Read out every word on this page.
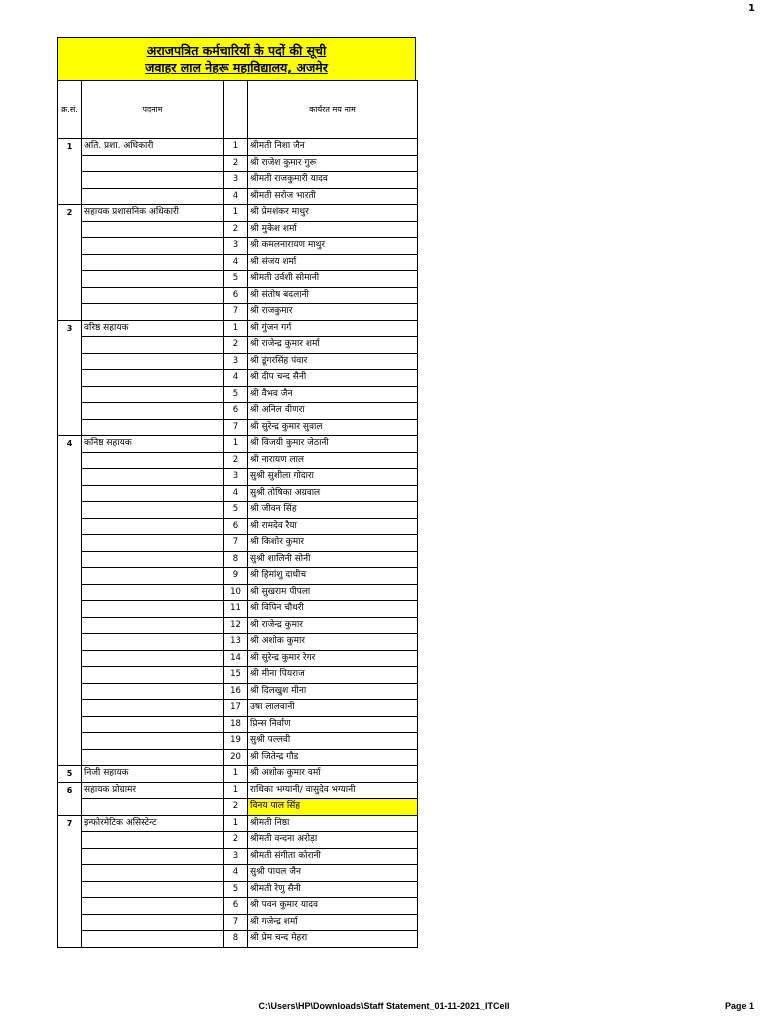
1
अराजपत्रित कर्मचारियों के पदों की सूची
जवाहर लाल नेहरू महाविद्यालय, अजमेर
क्र.सं.	पदनाम		कार्यरत मय नाम
1	अति. प्रशा. अधिकारी	1	श्रीमती निशा जैन
		2	श्री राजेश कुमार गुरू
		3	श्रीमती राजकुमारी यादव
		4	श्रीमती सरोज भारती
2	सहायक प्रशासनिक अधिकारी	1	श्री प्रेमशंकर माथुर
		2	श्री मुकेश शर्मा
		3	श्री कमलनारायण माथुर
		4	श्री संजय शर्मा
		5	श्रीमती उर्वशी सोमानी
		6	श्री संतोष बदलानी
		7	श्री राजकुमार
3	वरिष्ठ सहायक	1	श्री गुंजन गर्ग
		2	श्री राजेन्द्र कुमार शर्मा
		3	श्री डूंगरसिंह पंवार
		4	श्री दीप चन्द सैनी
		5	श्री वैभव जैन
		6	श्री अनिल वीणरा
		7	श्री सुरेन्द्र कुमार सुवाल
4	कनिष्ठ सहायक	1	श्री विजयी कुमार जेठानी
		2	श्री नारायण लाल
		3	सुश्री सुशीला गोदारा
		4	सुश्री तोषिका अग्रवाल
		5	श्री जीवन सिंह
		6	श्री रामदेव रैया
		7	श्री किशोर कुमार
		8	सुश्री शालिनी सोनी
		9	श्री हिमांशु दाधीच
		10	श्री सुखराम पीपला
		11	श्री विपिन चौधरी
		12	श्री राजेन्द्र कुमार
		13	श्री अशोक कुमार
		14	श्री सुरेन्द्र कुमार रेगर
		15	श्री मीना पियराज
		16	श्री दिलखुश मीना
		17	उषा लालवानी
		18	प्रिन्स निर्वाण
		19	सुश्री पल्लवी
		20	श्री जितेन्द्र गौड
5	निजी सहायक	1	श्री अशोक कुमार वर्मा
6	सहायक प्रोग्रामर	1	राधिका भग्यानी/ वासुदेव भग्यानी
		2	विनय पाल सिंह
7	इन्फोरमेटिक असिस्टेन्ट	1	श्रीमती निष्ठा
		2	श्रीमती वन्दना अरोड़ा
		3	श्रीमती संगीता कोरानी
		4	सुश्री पायल जैन
		5	श्रीमती रेणु सैनी
		6	श्री पवन कुमार यादव
		7	श्री गजेन्द्र शर्मा
		8	श्री प्रेम चन्द मेहरा
C:\Users\HP\Downloads\Staff Statement_01-11-2021_ITCell	Page 1
